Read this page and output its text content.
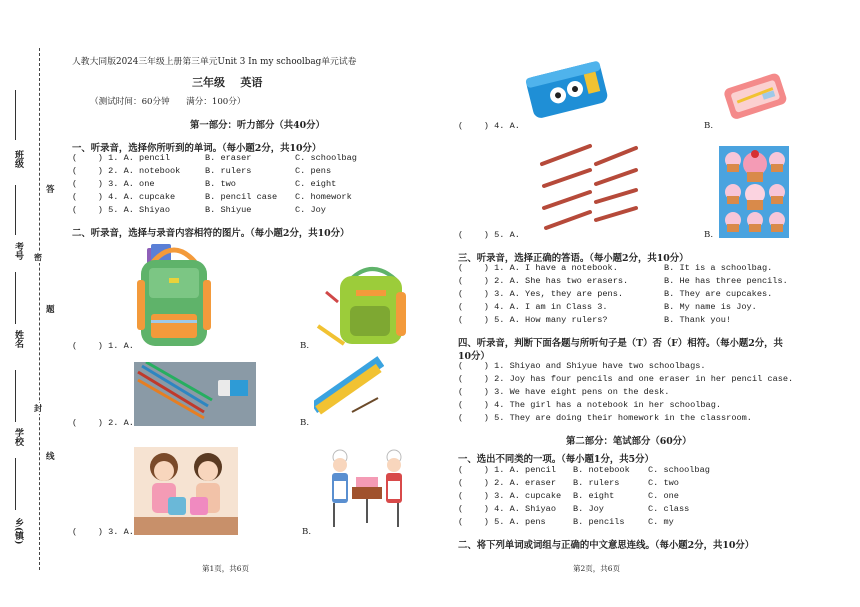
班级
考号
姓名
学校
乡(镇)
答
题
线
密
封
人教大同版2024三年级上册第三单元Unit 3 In my schoolbag单元试卷
三年级    英语
（测试时间：60分钟      满分：100分）
第一部分：听力部分（共40分）
一、听录音，选择你所听到的单词。（每小题2分，共10分）
(    ) 1. A. pencil	B. eraser	C. schoolbag
(    ) 2. A. notebook	B. rulers	C. pens
(    ) 3. A. one	B. two	C. eight
(    ) 4. A. cupcake	B. pencil case C. homework
(    ) 5. A. Shiyao	B. Shiyue	C. Joy
二、听录音，选择与录音内容相符的图片。（每小题2分，共10分）
(    ) 1. A.	B.
(    ) 2. A.	B.
(    ) 3. A.	B.
第1页，共6页
(    ) 4. A.	B.
(    ) 5. A.	B.
三、听录音，选择正确的答语。（每小题2分，共10分）
(    ) 1. A. I have a notebook.	B. It is a schoolbag.
(    ) 2. A. She has two erasers.	B. He has three pencils.
(    ) 3. A. Yes, they are pens.	B. They are cupcakes.
(    ) 4. A. I am in Class 3.	B. My name is Joy.
(    ) 5. A. How many rulers?	B. Thank you!
四、听录音，判断下面各题与所听句子是（T）否（F）相符。（每小题2分，共
10分）
(    ) 1. Shiyao and Shiyue have two schoolbags.
(    ) 2. Joy has four pencils and one eraser in her pencil case.
(    ) 3. We have eight pens on the desk.
(    ) 4. The girl has a notebook in her schoolbag.
(    ) 5. They are doing their homework in the classroom.
第二部分：笔试部分（60分）
一、选出不同类的一项。（每小题1分，共5分）
(    ) 1. A. pencil B. notebook C. schoolbag
(    ) 2. A. eraser B. rulers	C. two
(    ) 3. A. cupcake B. eight	C. one
(    ) 4. A. Shiyao B. Joy	C. class
(    ) 5. A. pens	B. pencils	C. my
二、将下列单词或词组与正确的中文意思连线。（每小题2分，共10分）
第2页，共6页
